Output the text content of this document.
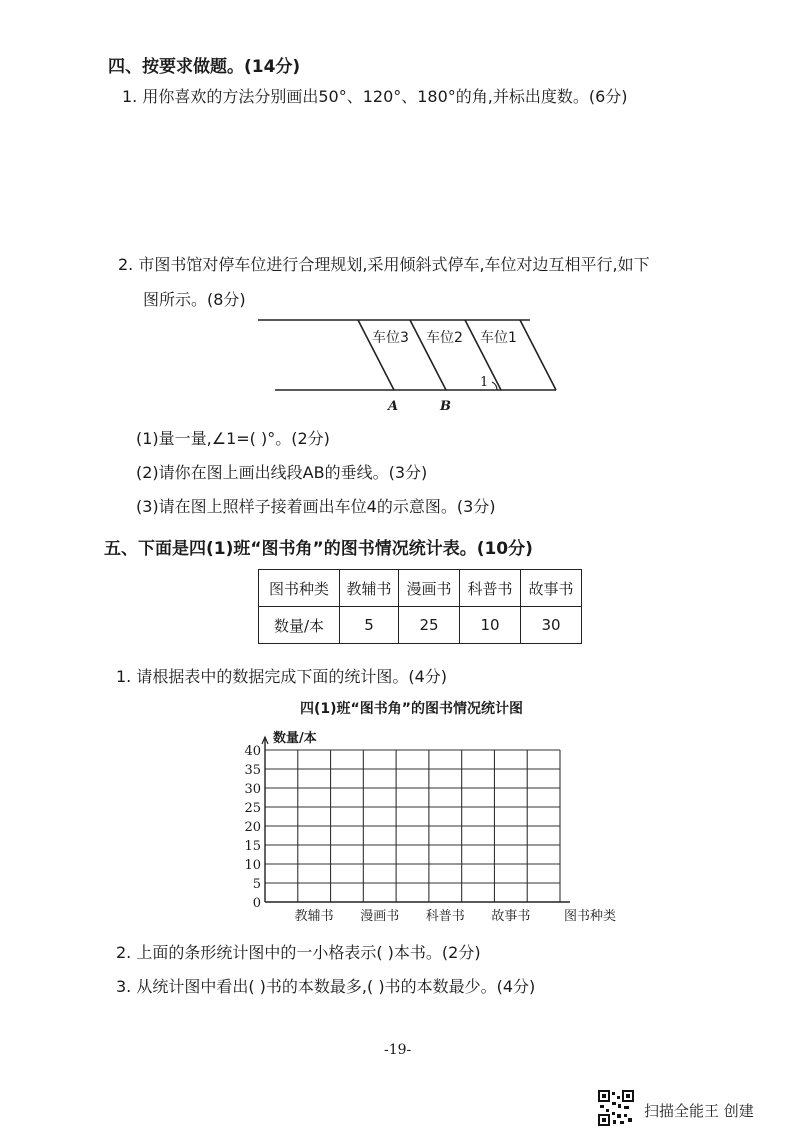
四、按要求做题。(14分)
1. 用你喜欢的方法分别画出50°、120°、180°的角,并标出度数。(6分)
2. 市图书馆对停车位进行合理规划,采用倾斜式停车,车位对边互相平行,如下
图所示。(8分)
车位3 车位2 车位1
1
A	B
(1)量一量,∠1=( )°。(2分)
(2)请你在图上画出线段AB的垂线。(3分)
(3)请在图上照样子接着画出车位4的示意图。(3分)
五、下面是四(1)班“图书角”的图书情况统计表。(10分)
图书种类	教辅书	漫画书	科普书	故事书
数量/本	5	25	10	30
1. 请根据表中的数据完成下面的统计图。(4分)
四(1)班“图书角”的图书情况统计图
0
5
10
15
20
25
30
35
40
数量/本
教辅书 漫画书 科普书 故事书	图书种类
2. 上面的条形统计图中的一小格表示( )本书。(2分)
3. 从统计图中看出( )书的本数最多,( )书的本数最少。(4分)
-19-
扫描全能王 创建
